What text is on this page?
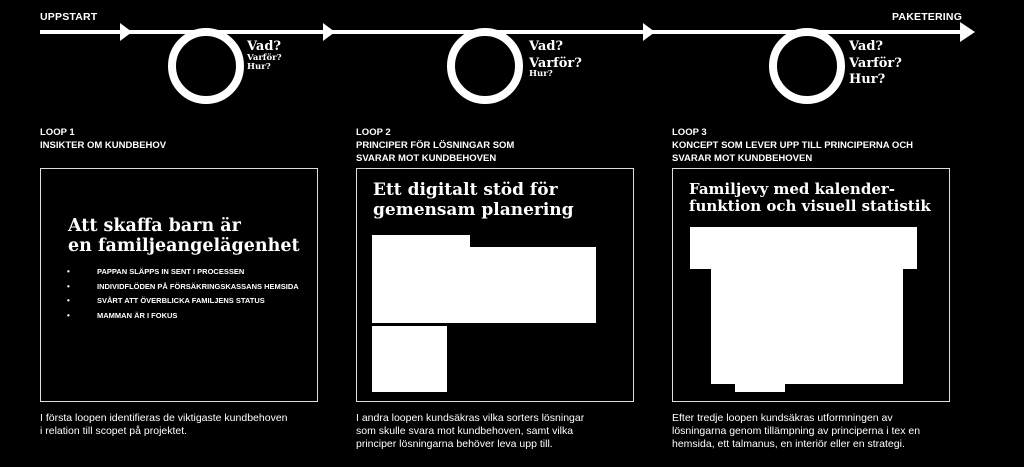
UPPSTART	PAKETERING
Vad?
Varför?
Hur?
Vad?
Varför?
Hur?
Vad?
Varför?
Hur?
LOOP 1
INSIKTER OM KUNDBEHOV
LOOP 2
PRINCIPER FÖR LÖSNINGAR SOM
SVARAR MOT KUNDBEHOVEN
LOOP 3
KONCEPT SOM LEVER UPP TILL PRINCIPERNA OCH
SVARAR MOT KUNDBEHOVEN
Att skaffa barn är
en familjeangelägenhet
• PAPPAN SLÄPPS IN SENT I PROCESSEN
• INDIVIDFLÖDEN PÅ FÖRSÄKRINGSKASSANS HEMSIDA
• SVÅRT ATT ÖVERBLICKA FAMILJENS STATUS
• MAMMAN ÄR I FOKUS
Ett digitalt stöd för
gemensam planering
Familjevy med kalender-
funktion och visuell statistik
I första loopen identifieras de viktigaste kundbehoven
i relation till scopet på projektet.
I andra loopen kundsäkras vilka sorters lösningar
som skulle svara mot kundbehoven, samt vilka
principer lösningarna behöver leva upp till.
Efter tredje loopen kundsäkras utformningen av
lösningarna genom tillämpning av principerna i tex en
hemsida, ett talmanus, en interiör eller en strategi.
